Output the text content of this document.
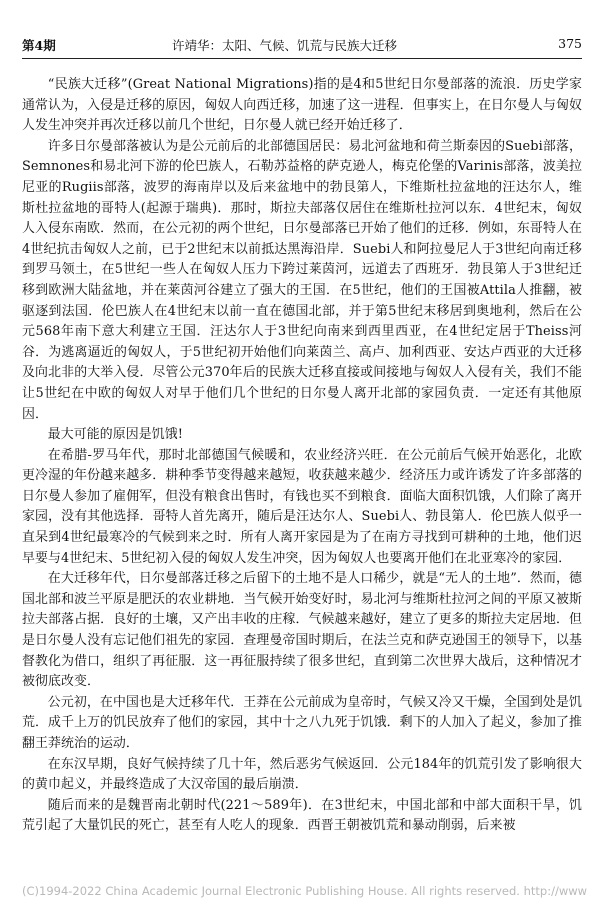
第4期	许靖华：太阳、气候、饥荒与民族大迁移	375

“民族大迁移”(Great National Migrations)指的是4和5世纪日尔曼部落的流浪．历史学家通常认为，入侵是迁移的原因，匈奴人向西迁移，加速了这一进程．但事实上，在日尔曼人与匈奴人发生冲突并再次迁移以前几个世纪，日尔曼人就已经开始迁移了．

许多日尔曼部落被认为是公元前后的北部德国居民：易北河盆地和荷兰斯泰因的Suebi部落，Semnones和易北河下游的伦巴族人，石勒苏益格的萨克逊人，梅克伦堡的Varinis部落，波美拉尼亚的Rugiis部落，波罗的海南岸以及后来盆地中的勃艮第人，下维斯杜拉盆地的汪达尔人，维斯杜拉盆地的哥特人(起源于瑞典)．那时，斯拉夫部落仅居住在维斯杜拉河以东．4世纪末，匈奴人入侵东南欧．然而，在公元初的两个世纪，日尔曼部落已开始了他们的迁移．例如，东哥特人在4世纪抗击匈奴人之前，已于2世纪末以前抵达黑海沿岸．Suebi人和阿拉曼尼人于3世纪向南迁移到罗马领土，在5世纪一些人在匈奴人压力下跨过莱茵河，远道去了西班牙．勃艮第人于3世纪迁移到欧洲大陆盆地，并在莱茵河谷建立了强大的王国．在5世纪，他们的王国被Attila人推翻，被驱逐到法国．伦巴族人在4世纪末以前一直在德国北部，并于第5世纪末移居到奥地利，然后在公元568年南下意大利建立王国．汪达尔人于3世纪向南来到西里西亚，在4世纪定居于Theiss河谷．为逃离逼近的匈奴人，于5世纪初开始他们向莱茵兰、高卢、加利西亚、安达卢西亚的大迁移及向北非的大举入侵．尽管公元370年后的民族大迁移直接或间接地与匈奴人入侵有关，我们不能让5世纪在中欧的匈奴人对早于他们几个世纪的日尔曼人离开北部的家园负责．一定还有其他原因．

最大可能的原因是饥饿!

在希腊-罗马年代，那时北部德国气候暖和，农业经济兴旺．在公元前后气候开始恶化，北欧更冷湿的年份越来越多．耕种季节变得越来越短，收获越来越少．经济压力或许诱发了许多部落的日尔曼人参加了雇佣军，但没有粮食出售时，有钱也买不到粮食．面临大面积饥饿，人们除了离开家园，没有其他选择．哥特人首先离开，随后是汪达尔人、Suebi人、勃艮第人．伦巴族人似乎一直呆到4世纪最寒冷的气候到来之时．所有人离开家园是为了在南方寻找到可耕种的土地，他们迟早要与4世纪末、5世纪初入侵的匈奴人发生冲突，因为匈奴人也要离开他们在北亚寒冷的家园．

在大迁移年代，日尔曼部落迁移之后留下的土地不是人口稀少，就是“无人的土地”．然而，德国北部和波兰平原是肥沃的农业耕地．当气候开始变好时，易北河与维斯杜拉河之间的平原又被斯拉夫部落占据．良好的土壤，又产出丰收的庄稼．气候越来越好，建立了更多的斯拉夫定居地．但是日尔曼人没有忘记他们祖先的家园．查理曼帝国时期后，在法兰克和萨克逊国王的领导下，以基督教化为借口，组织了再征服．这一再征服持续了很多世纪，直到第二次世界大战后，这种情况才被彻底改变．

公元初，在中国也是大迁移年代．王莽在公元前成为皇帝时，气候又冷又干燥，全国到处是饥荒．成千上万的饥民放弃了他们的家园，其中十之八九死于饥饿．剩下的人加入了起义，参加了推翻王莽统治的运动．

在东汉早期，良好气候持续了几十年，然后恶劣气候返回．公元184年的饥荒引发了影响很大的黄巾起义，并最终造成了大汉帝国的最后崩溃．

随后而来的是魏晋南北朝时代(221～589年)．在3世纪末，中国北部和中部大面积干旱，饥荒引起了大量饥民的死亡，甚至有人吃人的现象．西晋王朝被饥荒和暴动削弱，后来被

(C)1994-2022 China Academic Journal Electronic Publishing House. All rights reserved. http://www
